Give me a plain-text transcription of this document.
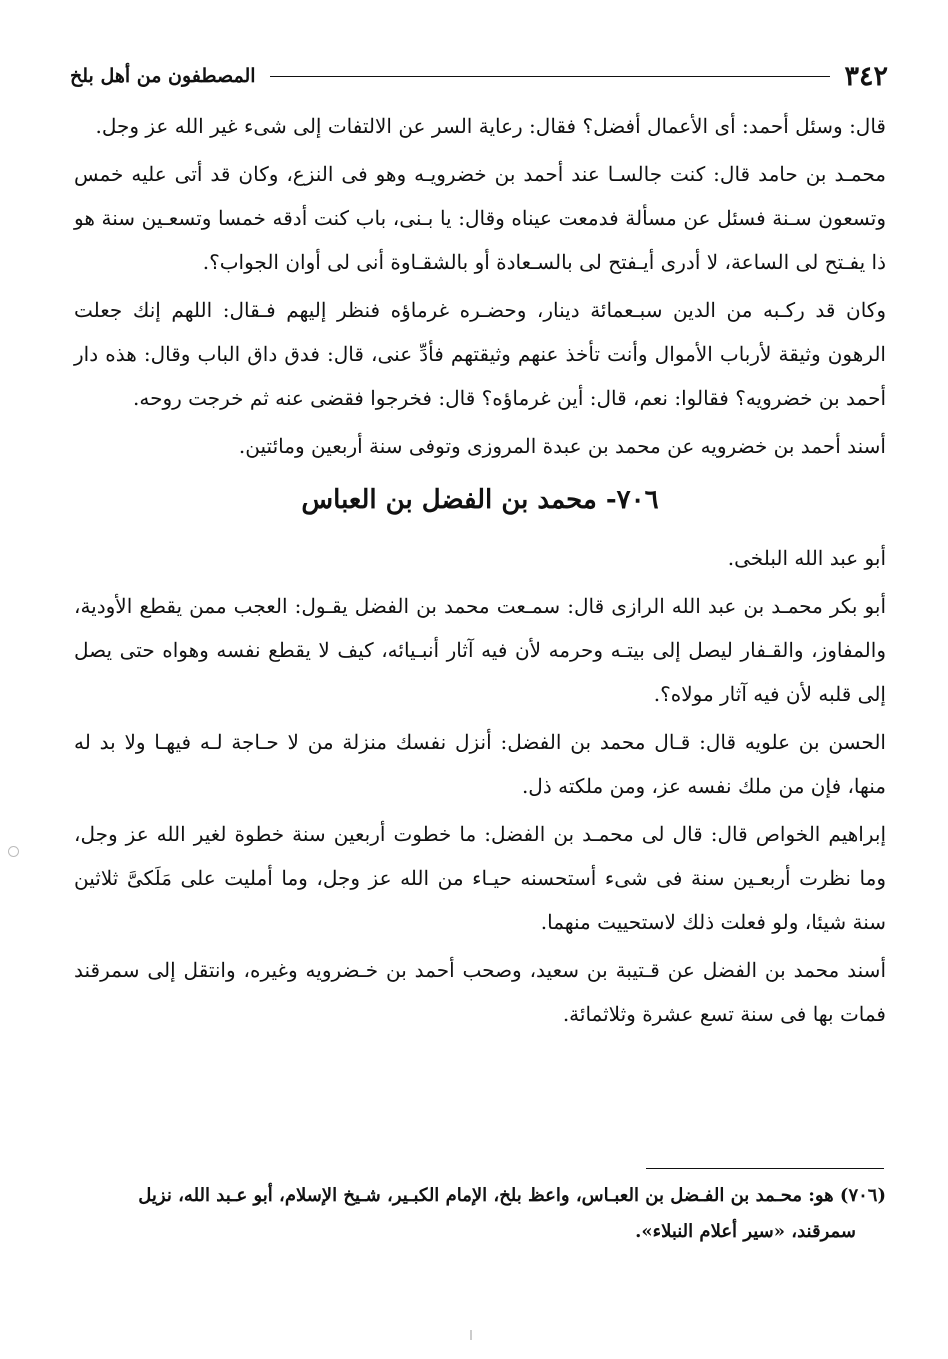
٣٤٢
المصطفون من أهل بلخ

قال: وسئل أحمد: أى الأعمال أفضل؟ فقال: رعاية السر عن الالتفات إلى شىء غير الله عز وجل.

محمـد بن حامد قال: كنت جالسـا عند أحمد بن خضرويـه وهو فى النزع، وكان قد أتى عليه خمس وتسعون سـنة فسئل عن مسألة فدمعت عيناه وقال: يا بـنى، باب كنت أدقه خمسا وتسعـين سنة هو ذا يفـتح لى الساعة، لا أدرى أيـفتح لى بالسـعادة أو بالشقـاوة أنى لى أوان الجواب؟.

وكان قد ركـبه من الدين سبـعمائة دينار، وحضـره غرماؤه فنظر إليهم فـقال: اللهم إنك جعلت الرهون وثيقة لأرباب الأموال وأنت تأخذ عنهم وثيقتهم فأدِّ عنى، قال: فدق داق الباب وقال: هذه دار أحمد بن خضرويه؟ فقالوا: نعم، قال: أين غرماؤه؟ قال: فخرجوا فقضى عنه ثم خرجت روحه.

أسند أحمد بن خضرويه عن محمد بن عبدة المروزى وتوفى سنة أربعين ومائتين.

٧٠٦- محمد بن الفضل بن العباس

أبو عبد الله البلخى.

أبو بكر محمـد بن عبد الله الرازى قال: سمـعت محمد بن الفضل يقـول: العجب ممن يقطع الأودية، والمفاوز، والقـفار ليصل إلى بيتـه وحرمه لأن فيه آثار أنبـيائه، كيف لا يقطع نفسه وهواه حتى يصل إلى قلبه لأن فيه آثار مولاه؟.

الحسن بن علويه قال: قـال محمد بن الفضل: أنزل نفسك منزلة من لا حـاجة لـه فيهـا ولا بد له منها، فإن من ملك نفسه عز، ومن ملكته ذل.

إبراهيم الخواص قال: قال لى محمـد بن الفضل: ما خطوت أربعين سنة خطوة لغير الله عز وجل، وما نظرت أربعـين سنة فى شىء أستحسنه حيـاء من الله عز وجل، وما أمليت على مَلَكىَّ ثلاثين سنة شيئا، ولو فعلت ذلك لاستحييت منهما.

أسند محمد بن الفضل عن قـتيبة بن سعيد، وصحب أحمد بن خـضرويه وغيره، وانتقل إلى سمرقند فمات بها فى سنة تسع عشرة وثلاثمائة.

(٧٠٦) هو: محـمد بن الفـضل بن العبـاس، واعظ بلخ، الإمام الكبـير، شـيخ الإسلام، أبو عـبد الله، نزيل

سمرقند، «سير أعلام النبلاء».
